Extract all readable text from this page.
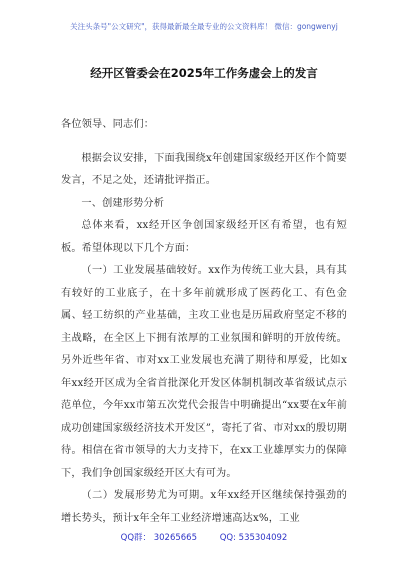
关注头条号"公文研究"，获得最新最全最专业的公文资料库！ 微信：gongwenyj
经开区管委会在2025年工作务虚会上的发言

各位领导、同志们：

根据会议安排，下面我围绕x年创建国家级经开区作个简要发言，不足之处，还请批评指正。

一、创建形势分析

总体来看，xx经开区争创国家级经开区有希望，也有短板。希望体现以下几个方面：

（一）工业发展基础较好。xx作为传统工业大县，具有其有较好的工业底子，在十多年前就形成了医药化工、有色金属、轻工纺织的产业基础，主攻工业也是历届政府坚定不移的主战略，在全区上下拥有浓厚的工业氛围和鲜明的开放传统。另外近些年省、市对xx工业发展也充满了期待和厚爱，比如x年xx经开区成为全省首批深化开发区体制机制改革省级试点示范单位，今年xx市第五次党代会报告中明确提出“xx要在x年前成功创建国家级经济技术开发区”，寄托了省、市对xx的殷切期待。相信在省市领导的大力支持下，在xx工业雄厚实力的保障下，我们争创国家级经开区大有可为。

（二）发展形势尤为可期。x年xx经开区继续保持强劲的增长势头，预计x年全年工业经济增速高达x%，工业

QQ群： 30265665	QQ: 535304092
